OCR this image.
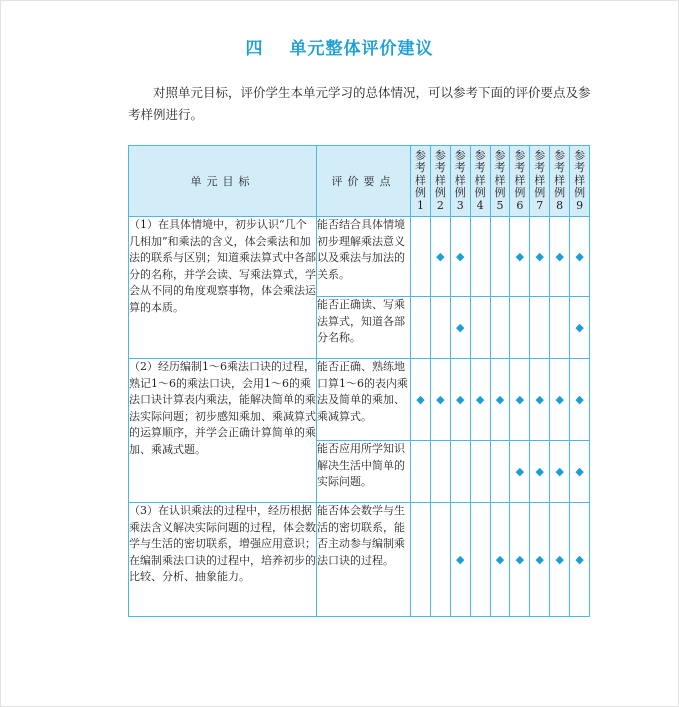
四 单元整体评价建议

对照单元目标，评价学生本单元学习的总体情况，可以参考下面的评价要点及参考样例进行。

单元目标	评价要点	参考样例1	参考样例2	参考样例3	参考样例4	参考样例5	参考样例6	参考样例7	参考样例8	参考样例9
（1）在具体情境中，初步认识“几个几相加”和乘法的含义，体会乘法和加法的联系与区别；知道乘法算式中各部分的名称，并学会读、写乘法算式，学会从不同的角度观察事物，体会乘法运算的本质。	能否结合具体情境初步理解乘法意义以及乘法与加法的关系。		◆	◆			◆	◆	◆	◆
	能否正确读、写乘法算式，知道各部分名称。			◆						◆
（2）经历编制1～6乘法口诀的过程，熟记1～6的乘法口诀，会用1～6的乘法口诀计算表内乘法，能解决简单的乘法实际问题；初步感知乘加、乘减算式的运算顺序，并学会正确计算简单的乘加、乘减式题。	能否正确、熟练地口算1～6的表内乘法及简单的乘加、乘减算式。	◆	◆	◆	◆	◆	◆	◆	◆	◆
	能否应用所学知识解决生活中简单的实际问题。						◆	◆	◆	◆
（3）在认识乘法的过程中，经历根据乘法含义解决实际问题的过程，体会数学与生活的密切联系，增强应用意识；在编制乘法口诀的过程中，培养初步的比较、分析、抽象能力。	能否体会数学与生活的密切联系，能否主动参与编制乘法口诀的过程。			◆		◆	◆	◆	◆	◆
